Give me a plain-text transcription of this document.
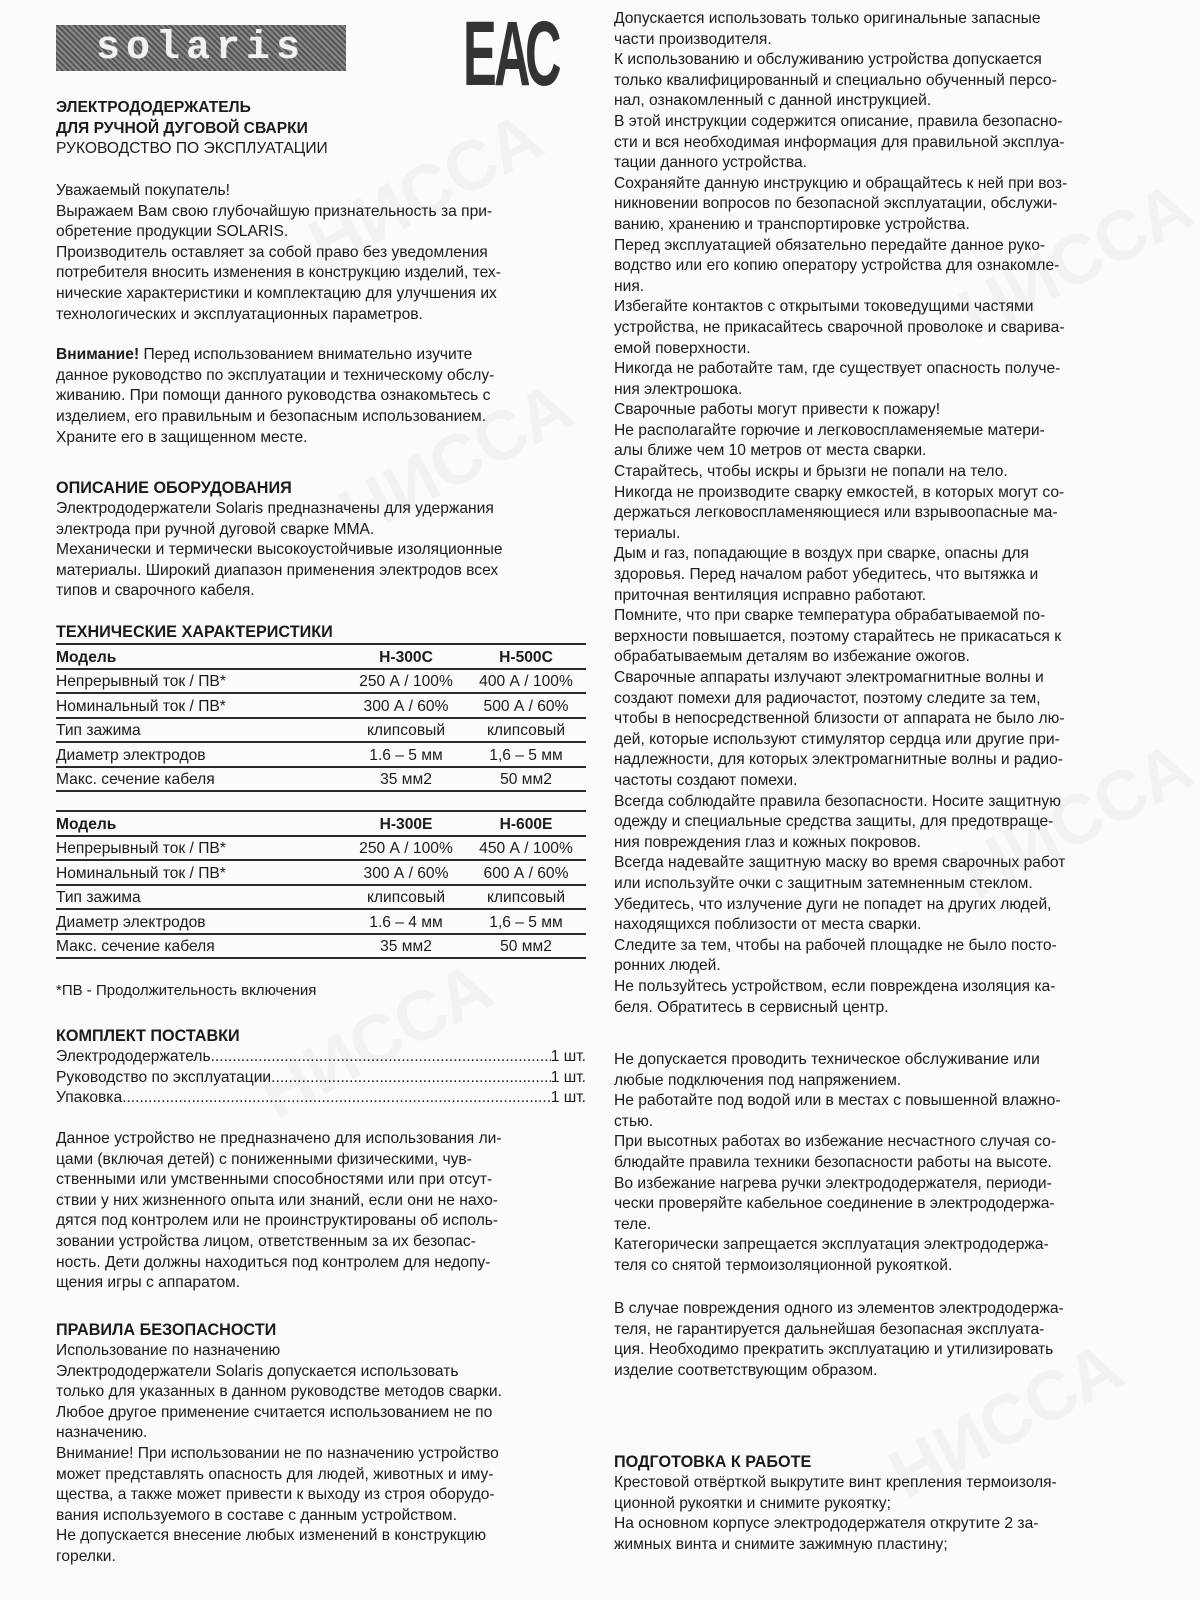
solaris	Е
А
С
ЭЛЕКТРОДОДЕРЖАТЕЛЬ
ДЛЯ РУЧНОЙ ДУГОВОЙ СВАРКИ
РУКОВОДСТВО ПО ЭКСПЛУАТАЦИИ

Уважаемый покупатель!

Выражаем Вам свою глубочайшую признательность за при-

обретение продукции SOLARIS.

Производитель оставляет за собой право без уведомления

потребителя вносить изменения в конструкцию изделий, тех-

нические характеристики и комплектацию для улучшения их

технологических и эксплуатационных параметров.

Внимание! Перед использованием внимательно изучите

данное руководство по эксплуатации и техническому обслу-

живанию. При помощи данного руководства ознакомьтесь с

изделием, его правильным и безопасным использованием.

Храните его в защищенном месте.

ОПИСАНИЕ ОБОРУДОВАНИЯ

Электрододержатели Solaris предназначены для удержания

электрода при ручной дуговой сварке ММА.

Механически и термически высокоустойчивые изоляционные

материалы. Широкий диапазон применения электродов всех

типов и сварочного кабеля.

ТЕХНИЧЕСКИЕ ХАРАКТЕРИСТИКИ
Модель	H-300C	H-500C
Непрерывный ток / ПВ*	250 А / 100%	400 А / 100%
Номинальный ток / ПВ*	300 А / 60%	500 А / 60%
Тип зажима	клипсовый	клипсовый
Диаметр электродов	1.6 – 5 мм	1,6 – 5 мм
Макс. сечение кабеля	35 мм2	50 мм2
Модель	H-300E	H-600E
Непрерывный ток / ПВ*	250 А / 100%	450 А / 100%
Номинальный ток / ПВ*	300 А / 60%	600 А / 60%
Тип зажима	клипсовый	клипсовый
Диаметр электродов	1.6 – 4 мм	1,6 – 5 мм
Макс. сечение кабеля	35 мм2	50 мм2

*ПВ - Продолжительность включения

КОМПЛЕКТ ПОСТАВКИ
Электрододержатель .....	1 шт.
Руководство по эксплуатации .....	1 шт.
Упаковка .....	1 шт.

Данное устройство не предназначено для использования ли-

цами (включая детей) с пониженными физическими, чув-

ственными или умственными способностями или при отсут-

ствии у них жизненного опыта или знаний, если они не нахо-

дятся под контролем или не проинструктированы об исполь-

зовании устройства лицом, ответственным за их безопас-

ность. Дети должны находиться под контролем для недопу-

щения игры с аппаратом.

ПРАВИЛА БЕЗОПАСНОСТИ

Использование по назначению

Электрододержатели Solaris допускается использовать

только для указанных в данном руководстве методов сварки.

Любое другое применение считается использованием не по

назначению.

Внимание! При использовании не по назначению устройство

может представлять опасность для людей, животных и иму-

щества, а также может привести к выходу из строя оборудо-

вания используемого в составе с данным устройством.

Не допускается внесение любых изменений в конструкцию

горелки.

Допускается использовать только оригинальные запасные

части производителя.

К использованию и обслуживанию устройства допускается

только квалифицированный и специально обученный персо-

нал, ознакомленный с данной инструкцией.

В этой инструкции содержится описание, правила безопасно-

сти и вся необходимая информация для правильной эксплуа-

тации данного устройства.

Сохраняйте данную инструкцию и обращайтесь к ней при воз-

никновении вопросов по безопасной эксплуатации, обслужи-

ванию, хранению и транспортировке устройства.

Перед эксплуатацией обязательно передайте данное руко-

водство или его копию оператору устройства для ознакомле-

ния.

Избегайте контактов с открытыми токоведущими частями

устройства, не прикасайтесь сварочной проволоке и сварива-

емой поверхности.

Никогда не работайте там, где существует опасность получе-

ния электрошока.

Сварочные работы могут привести к пожару!

Не располагайте горючие и легковоспламеняемые матери-

алы ближе чем 10 метров от места сварки.

Старайтесь, чтобы искры и брызги не попали на тело.

Никогда не производите сварку емкостей, в которых могут со-

держаться легковоспламеняющиеся или взрывоопасные ма-

териалы.

Дым и газ, попадающие в воздух при сварке, опасны для

здоровья. Перед началом работ убедитесь, что вытяжка и

приточная вентиляция исправно работают.

Помните, что при сварке температура обрабатываемой по-

верхности повышается, поэтому старайтесь не прикасаться к

обрабатываемым деталям во избежание ожогов.

Сварочные аппараты излучают электромагнитные волны и

создают помехи для радиочастот, поэтому следите за тем,

чтобы в непосредственной близости от аппарата не было лю-

дей, которые используют стимулятор сердца или другие при-

надлежности, для которых электромагнитные волны и радио-

частоты создают помехи.

Всегда соблюдайте правила безопасности. Носите защитную

одежду и специальные средства защиты, для предотвраще-

ния повреждения глаз и кожных покровов.

Всегда надевайте защитную маску во время сварочных работ

или используйте очки с защитным затемненным стеклом.

Убедитесь, что излучение дуги не попадет на других людей,

находящихся поблизости от места сварки.

Следите за тем, чтобы на рабочей площадке не было посто-

ронних людей.

Не пользуйтесь устройством, если повреждена изоляция ка-

беля. Обратитесь в сервисный центр.

Не допускается проводить техническое обслуживание или

любые подключения под напряжением.

Не работайте под водой или в местах с повышенной влажно-

стью.

При высотных работах во избежание несчастного случая со-

блюдайте правила техники безопасности работы на высоте.

Во избежание нагрева ручки электрододержателя, периоди-

чески проверяйте кабельное соединение в электрододержа-

теле.

Категорически запрещается эксплуатация электрододержа-

теля со снятой термоизоляционной рукояткой.

В случае повреждения одного из элементов электрододержа-

теля, не гарантируется дальнейшая безопасная эксплуата-

ция. Необходимо прекратить эксплуатацию и утилизировать

изделие соответствующим образом.

ПОДГОТОВКА К РАБОТЕ

Крестовой отвёрткой выкрутите винт крепления термоизоля-

ционной рукоятки и снимите рукоятку;

На основном корпусе электрододержателя открутите 2 за-

жимных винта и снимите зажимную пластину;
